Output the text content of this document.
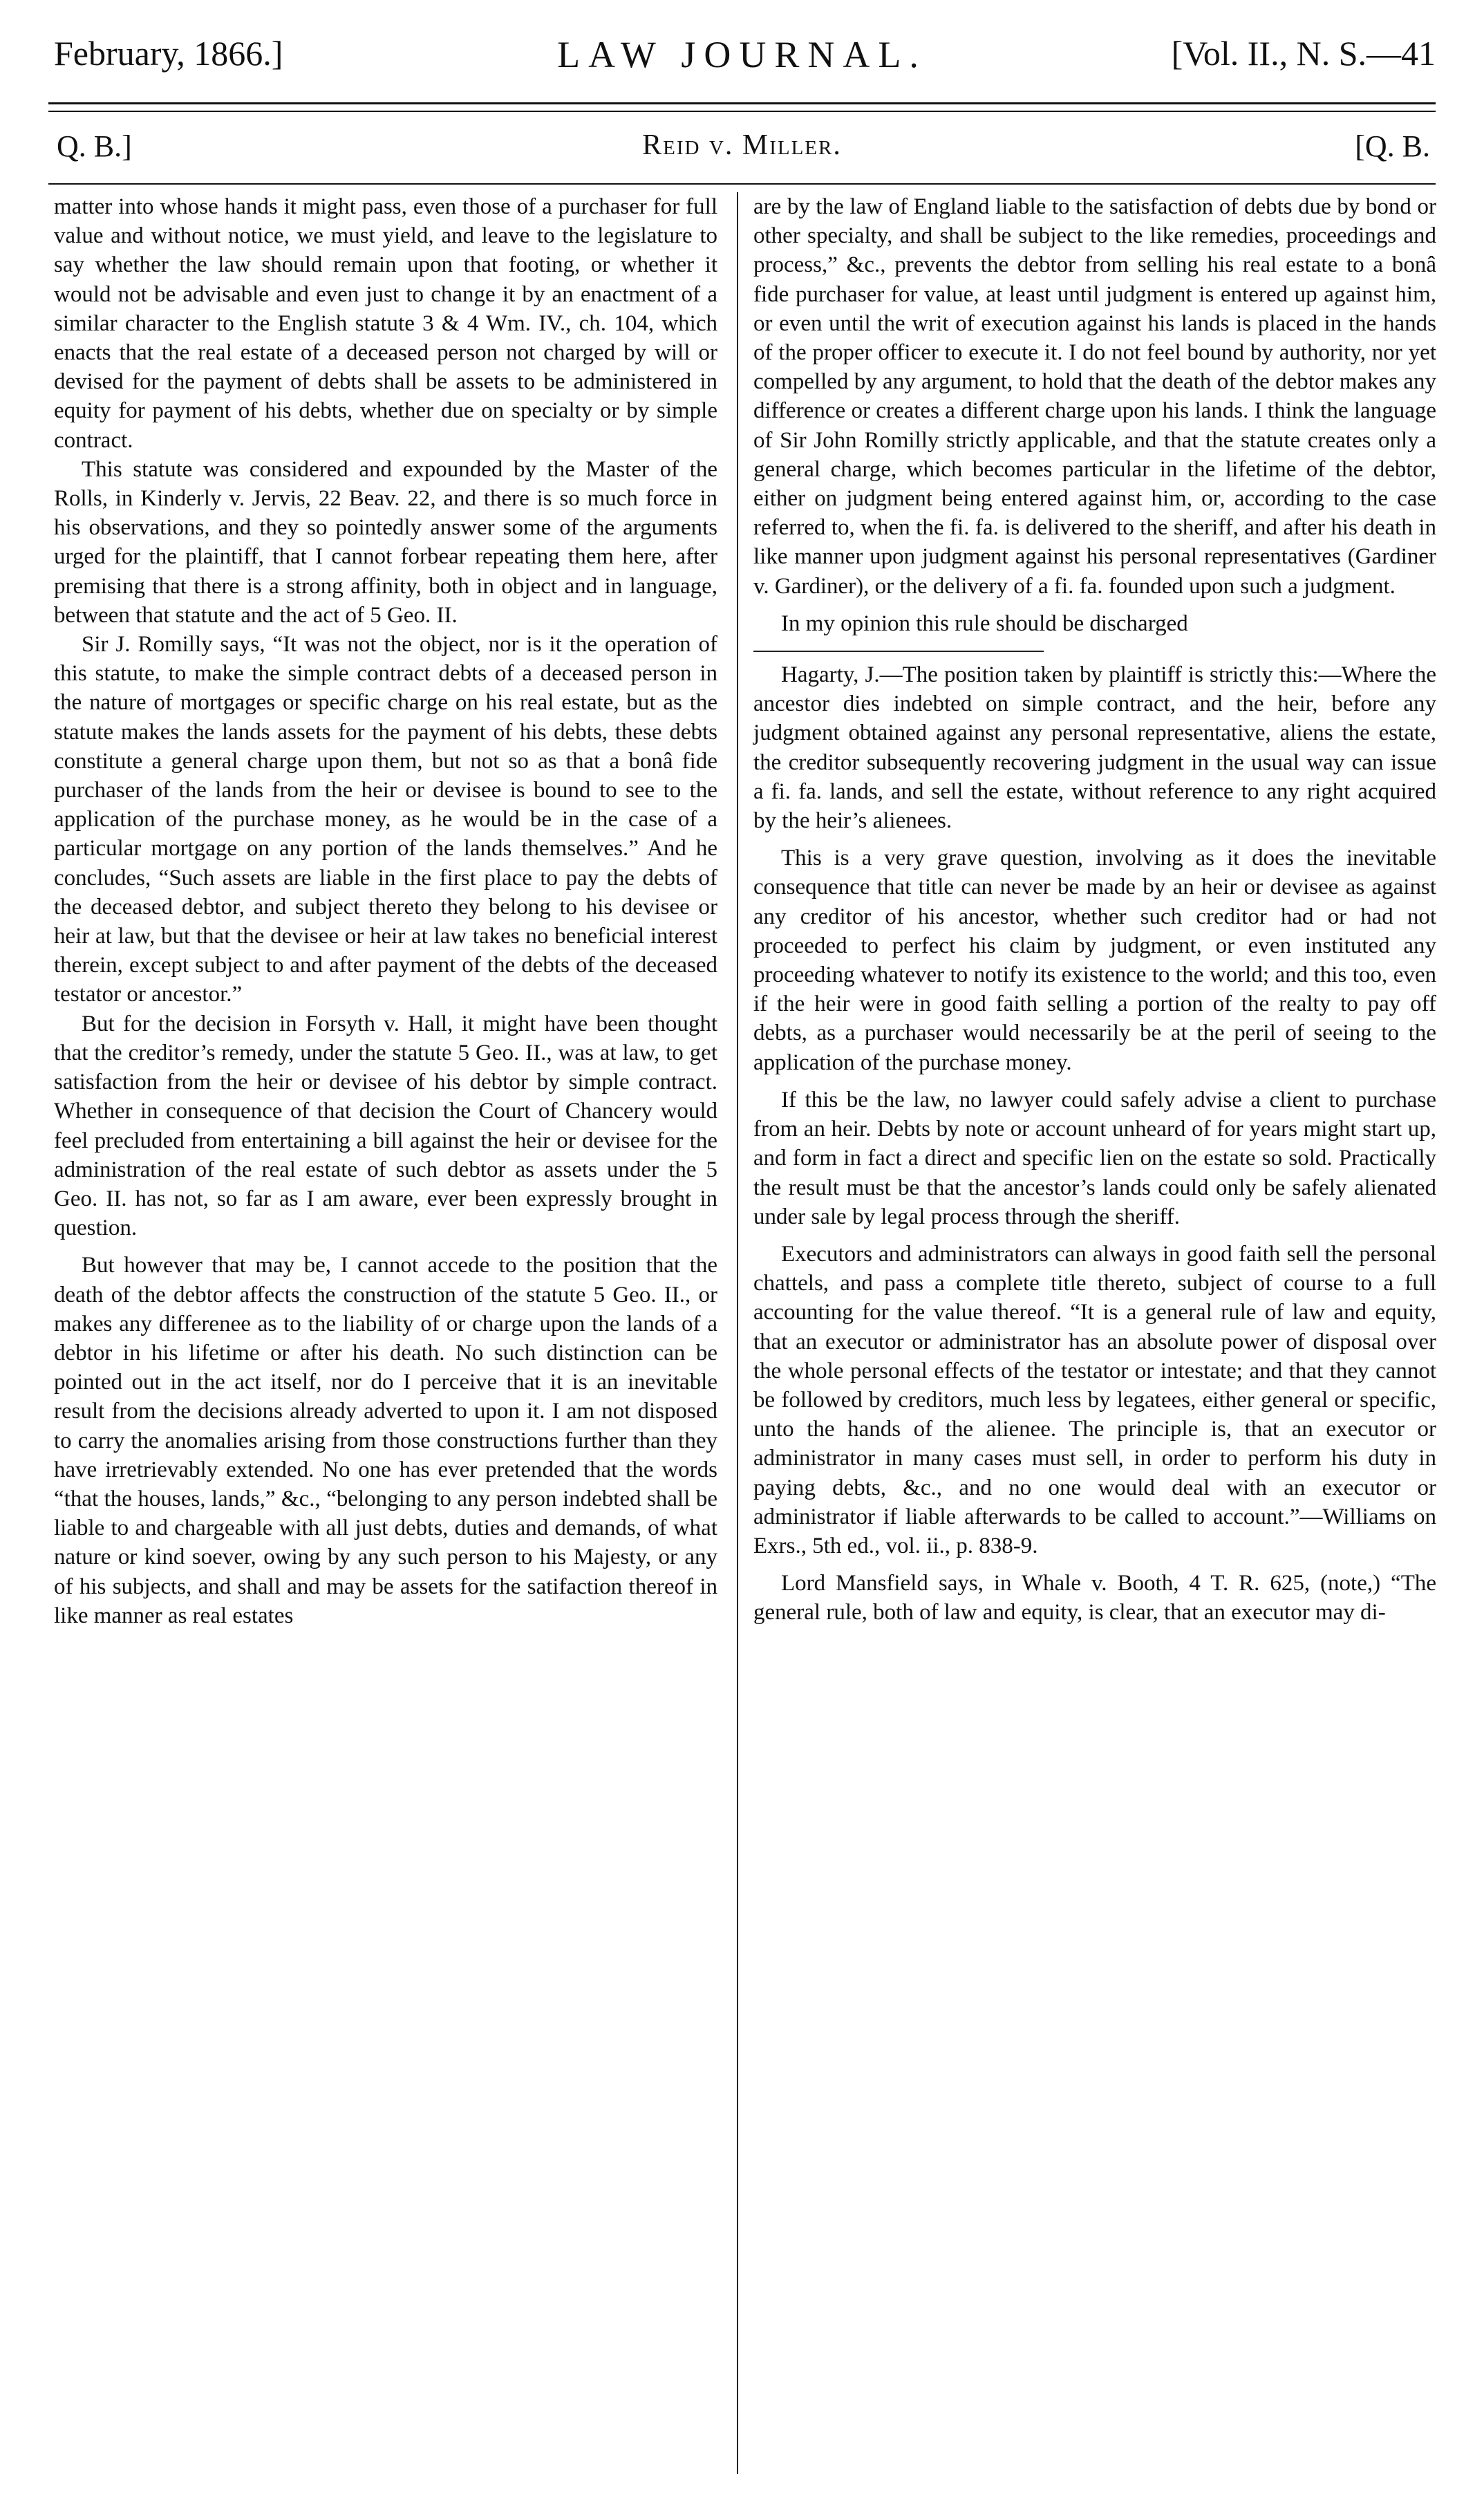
February, 1866.]	LAW JOURNAL.	[Vol. II., N. S.—41
Q. B.]	Reid v. Miller.	[Q. B.

matter into whose hands it might pass, even those of a purchaser for full value and without notice, we must yield, and leave to the legislature to say whether the law should remain upon that footing, or whether it would not be advisable and even just to change it by an enactment of a similar character to the English statute 3 & 4 Wm. IV., ch. 104, which enacts that the real estate of a deceased person not charged by will or devised for the payment of debts shall be assets to be administered in equity for payment of his debts, whether due on specialty or by simple contract.

This statute was considered and expounded by the Master of the Rolls, in Kinderly v. Jervis, 22 Beav. 22, and there is so much force in his observations, and they so pointedly answer some of the arguments urged for the plaintiff, that I cannot forbear repeating them here, after premising that there is a strong affinity, both in object and in language, between that statute and the act of 5 Geo. II.

Sir J. Romilly says, “It was not the object, nor is it the operation of this statute, to make the simple contract debts of a deceased person in the nature of mortgages or specific charge on his real estate, but as the statute makes the lands assets for the payment of his debts, these debts constitute a general charge upon them, but not so as that a bonâ fide purchaser of the lands from the heir or devisee is bound to see to the application of the purchase money, as he would be in the case of a particular mortgage on any portion of the lands themselves.” And he concludes, “Such assets are liable in the first place to pay the debts of the deceased debtor, and subject thereto they belong to his devisee or heir at law, but that the devisee or heir at law takes no beneficial interest therein, except subject to and after payment of the debts of the deceased testator or ancestor.”

But for the decision in Forsyth v. Hall, it might have been thought that the creditor’s remedy, under the statute 5 Geo. II., was at law, to get satisfaction from the heir or devisee of his debtor by simple contract. Whether in consequence of that decision the Court of Chancery would feel precluded from entertaining a bill against the heir or devisee for the administration of the real estate of such debtor as assets under the 5 Geo. II. has not, so far as I am aware, ever been expressly brought in question.

But however that may be, I cannot accede to the position that the death of the debtor affects the construction of the statute 5 Geo. II., or makes any differenee as to the liability of or charge upon the lands of a debtor in his lifetime or after his death. No such distinction can be pointed out in the act itself, nor do I perceive that it is an inevitable result from the decisions already adverted to upon it. I am not disposed to carry the anomalies arising from those constructions further than they have irretrievably extended. No one has ever pretended that the words “that the houses, lands,” &c., “belonging to any person indebted shall be liable to and chargeable with all just debts, duties and demands, of what nature or kind soever, owing by any such person to his Majesty, or any of his subjects, and shall and may be assets for the satifaction thereof in like manner as real estates

are by the law of England liable to the satisfaction of debts due by bond or other specialty, and shall be subject to the like remedies, proceedings and process,” &c., prevents the debtor from selling his real estate to a bonâ fide purchaser for value, at least until judgment is entered up against him, or even until the writ of execution against his lands is placed in the hands of the proper officer to execute it. I do not feel bound by authority, nor yet compelled by any argument, to hold that the death of the debtor makes any difference or creates a different charge upon his lands. I think the language of Sir John Romilly strictly applicable, and that the statute creates only a general charge, which becomes particular in the lifetime of the debtor, either on judgment being entered against him, or, according to the case referred to, when the fi. fa. is delivered to the sheriff, and after his death in like manner upon judgment against his personal representatives (Gardiner v. Gardiner), or the delivery of a fi. fa. founded upon such a judgment.

In my opinion this rule should be discharged

Hagarty, J.—The position taken by plaintiff is strictly this:—Where the ancestor dies indebted on simple contract, and the heir, before any judgment obtained against any personal representative, aliens the estate, the creditor subsequently recovering judgment in the usual way can issue a fi. fa. lands, and sell the estate, without reference to any right acquired by the heir’s alienees.

This is a very grave question, involving as it does the inevitable consequence that title can never be made by an heir or devisee as against any creditor of his ancestor, whether such creditor had or had not proceeded to perfect his claim by judgment, or even instituted any proceeding whatever to notify its existence to the world; and this too, even if the heir were in good faith selling a portion of the realty to pay off debts, as a purchaser would necessarily be at the peril of seeing to the application of the purchase money.

If this be the law, no lawyer could safely advise a client to purchase from an heir. Debts by note or account unheard of for years might start up, and form in fact a direct and specific lien on the estate so sold. Practically the result must be that the ancestor’s lands could only be safely alienated under sale by legal process through the sheriff.

Executors and administrators can always in good faith sell the personal chattels, and pass a complete title thereto, subject of course to a full accounting for the value thereof. “It is a general rule of law and equity, that an executor or administrator has an absolute power of disposal over the whole personal effects of the testator or intestate; and that they cannot be followed by creditors, much less by legatees, either general or specific, unto the hands of the alienee. The principle is, that an executor or administrator in many cases must sell, in order to perform his duty in paying debts, &c., and no one would deal with an executor or administrator if liable afterwards to be called to account.”—Williams on Exrs., 5th ed., vol. ii., p. 838-9.

Lord Mansfield says, in Whale v. Booth, 4 T. R. 625, (note,) “The general rule, both of law and equity, is clear, that an executor may di-
